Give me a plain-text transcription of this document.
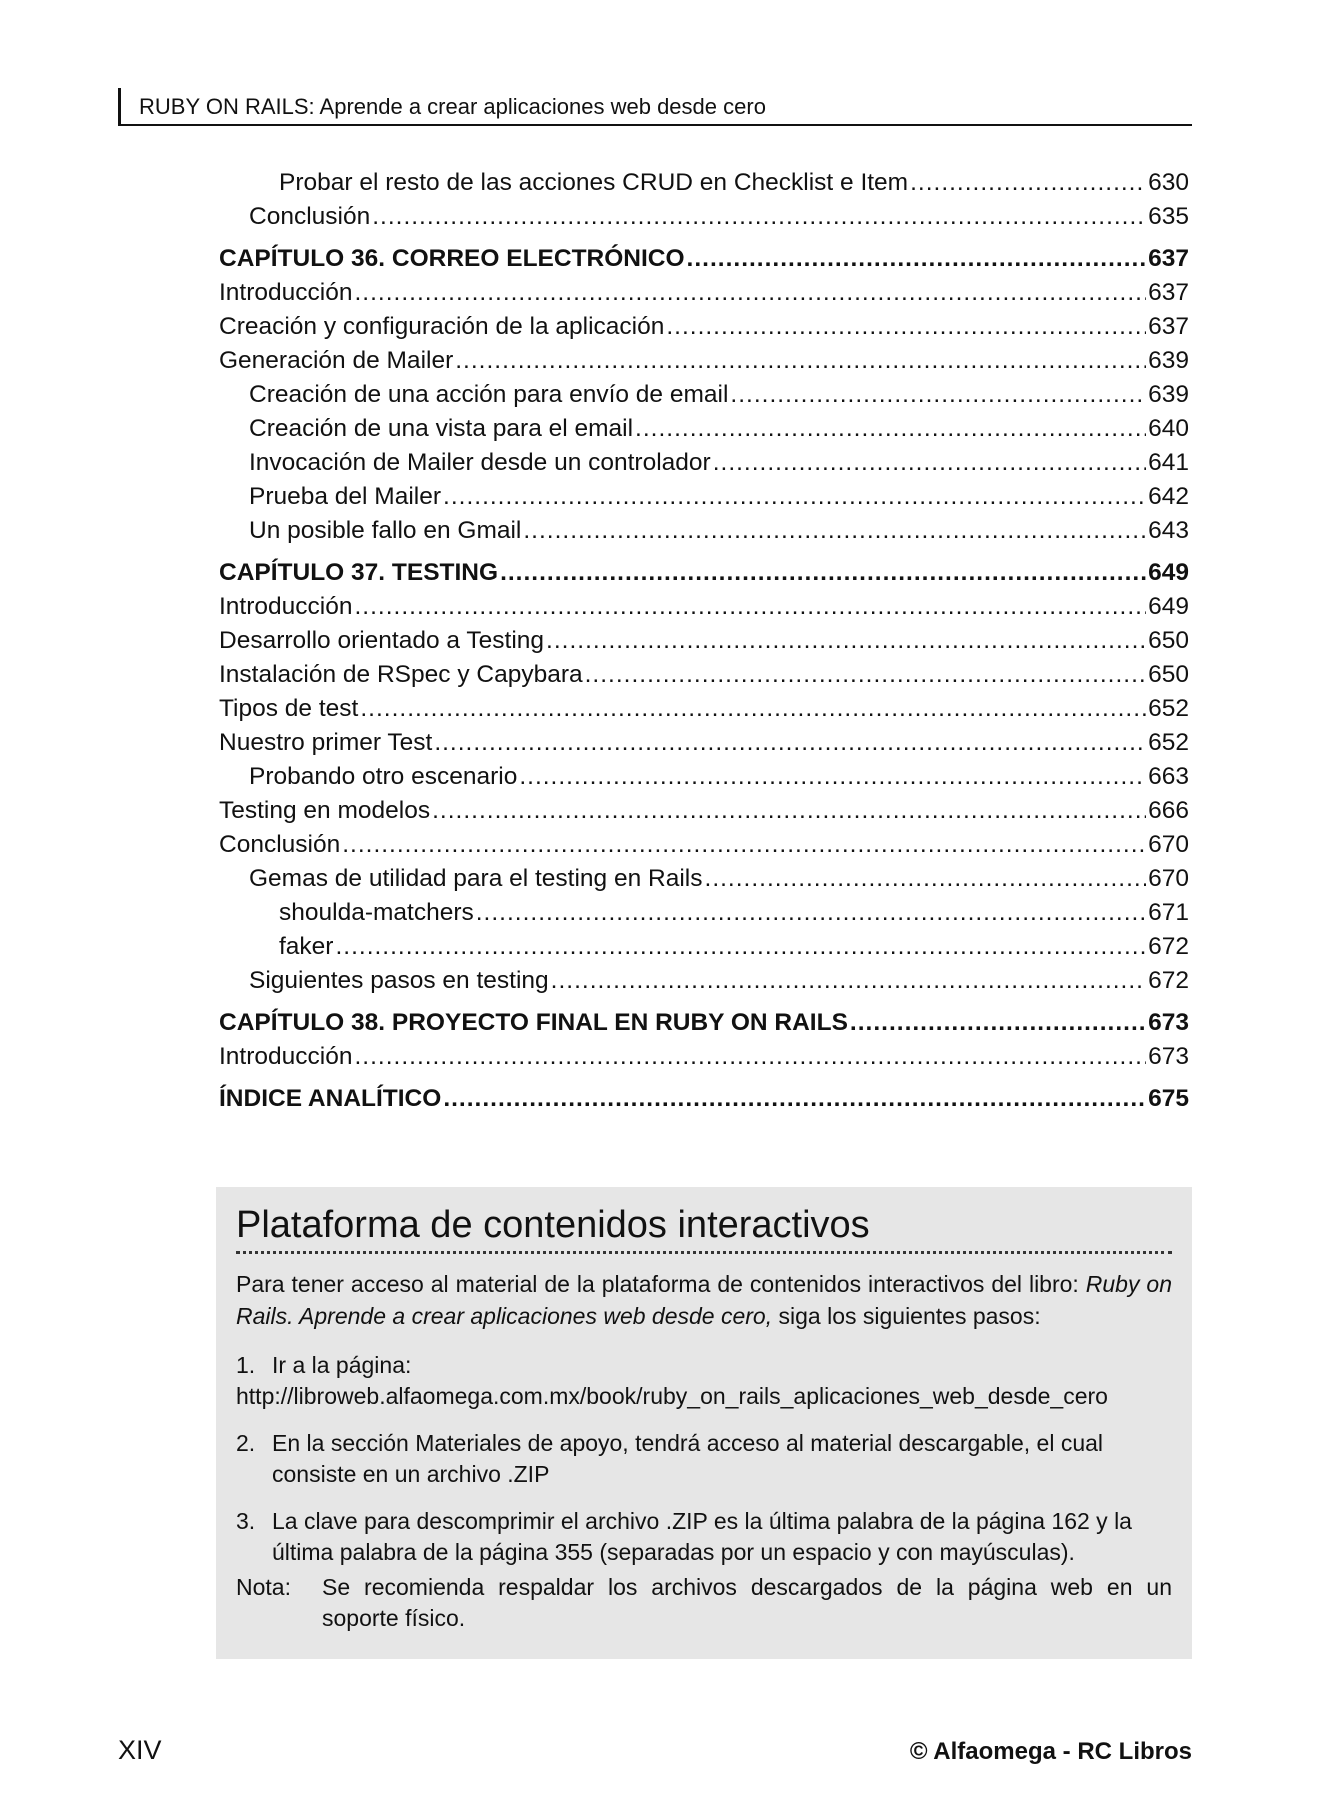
RUBY ON RAILS: Aprende a crear aplicaciones web desde cero
Probar el resto de las acciones CRUD en Checklist e Item .....	630
Conclusión .....	635
CAPÍTULO 36. CORREO ELECTRÓNICO .....	637
Introducción .....	637
Creación y configuración de la aplicación .....	637
Generación de Mailer .....	639
Creación de una acción para envío de email .....	639
Creación de una vista para el email .....	640
Invocación de Mailer desde un controlador .....	641
Prueba del Mailer .....	642
Un posible fallo en Gmail .....	643
CAPÍTULO 37. TESTING .....	649
Introducción .....	649
Desarrollo orientado a Testing .....	650
Instalación de RSpec y Capybara .....	650
Tipos de test .....	652
Nuestro primer Test .....	652
Probando otro escenario .....	663
Testing en modelos .....	666
Conclusión .....	670
Gemas de utilidad para el testing en Rails .....	670
shoulda-matchers .....	671
faker .....	672
Siguientes pasos en testing .....	672
CAPÍTULO 38. PROYECTO FINAL EN RUBY ON RAILS .....	673
Introducción .....	673
ÍNDICE ANALÍTICO .....	675
Plataforma de contenidos interactivos

Para tener acceso al material de la plataforma de contenidos interactivos del libro: Ruby on Rails. Aprende a crear aplicaciones web desde cero, siga los siguientes pasos:

1. Ir a la página:
http://libroweb.alfaomega.com.mx/book/ruby_on_rails_aplicaciones_web_desde_cero
2. En la sección Materiales de apoyo, tendrá acceso al material descargable, el cual consiste en un archivo .ZIP
3. La clave para descomprimir el archivo .ZIP es la última palabra de la página 162 y la última palabra de la página 355 (separadas por un espacio y con mayúsculas).
Nota:	Se recomienda respaldar los archivos descargados de la página web en un soporte físico.
XIV	© Alfaomega - RC Libros
